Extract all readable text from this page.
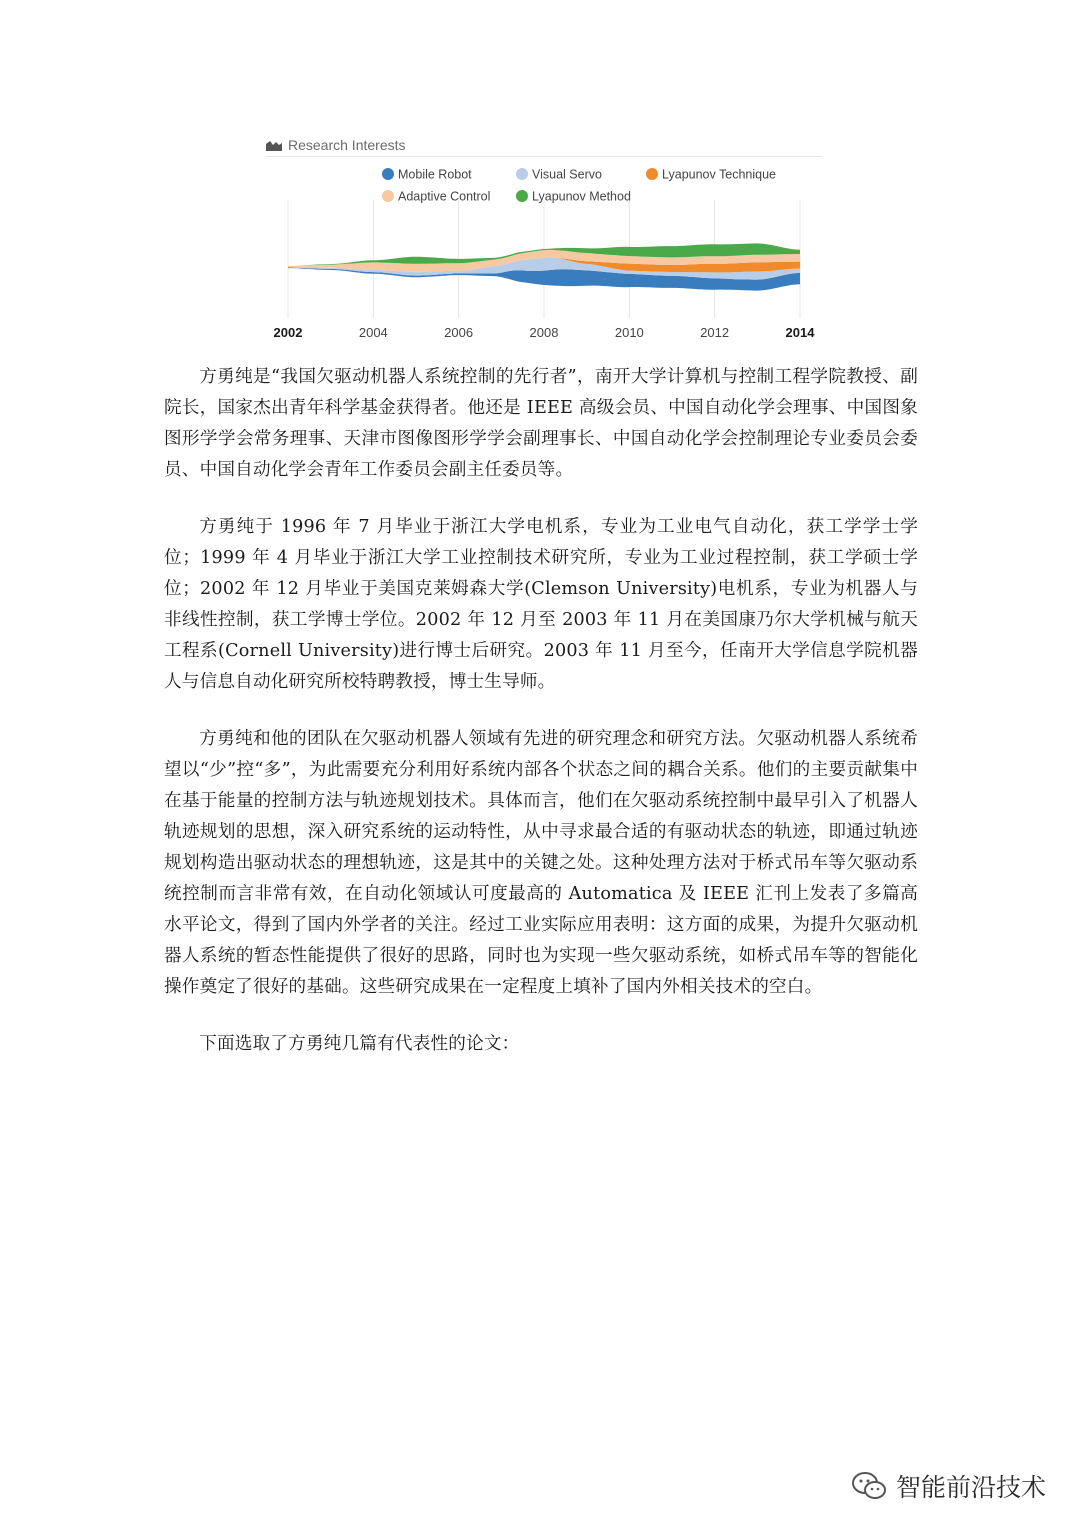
Research Interests
2002	2004	2006	2008	2010	2012	2014
Mobile Robot	Visual Servo	Lyapunov Technique
Adaptive Control	Lyapunov Method

方勇纯是“我国欠驱动机器人系统控制的先行者”，南开大学计算机与控制工程学院教授、副院长，国家杰出青年科学基金获得者。他还是 IEEE 高级会员、中国自动化学会理事、中国图象图形学学会常务理事、天津市图像图形学学会副理事长、中国自动化学会控制理论专业委员会委员、中国自动化学会青年工作委员会副主任委员等。

方勇纯于 1996 年 7 月毕业于浙江大学电机系，专业为工业电气自动化，获工学学士学位；1999 年 4 月毕业于浙江大学工业控制技术研究所，专业为工业过程控制，获工学硕士学位；2002 年 12 月毕业于美国克莱姆森大学(Clemson University)电机系，专业为机器人与非线性控制，获工学博士学位。2002 年 12 月至 2003 年 11 月在美国康乃尔大学机械与航天工程系(Cornell University)进行博士后研究。2003 年 11 月至今，任南开大学信息学院机器人与信息自动化研究所校特聘教授，博士生导师。

方勇纯和他的团队在欠驱动机器人领域有先进的研究理念和研究方法。欠驱动机器人系统希望以“少”控“多”，为此需要充分利用好系统内部各个状态之间的耦合关系。他们的主要贡献集中在基于能量的控制方法与轨迹规划技术。具体而言，他们在欠驱动系统控制中最早引入了机器人轨迹规划的思想，深入研究系统的运动特性，从中寻求最合适的有驱动状态的轨迹，即通过轨迹规划构造出驱动状态的理想轨迹，这是其中的关键之处。这种处理方法对于桥式吊车等欠驱动系统控制而言非常有效，在自动化领域认可度最高的 Automatica 及 IEEE 汇刊上发表了多篇高水平论文，得到了国内外学者的关注。经过工业实际应用表明：这方面的成果，为提升欠驱动机器人系统的暂态性能提供了很好的思路，同时也为实现一些欠驱动系统，如桥式吊车等的智能化操作奠定了很好的基础。这些研究成果在一定程度上填补了国内外相关技术的空白。

下面选取了方勇纯几篇有代表性的论文：

智能前沿技术
